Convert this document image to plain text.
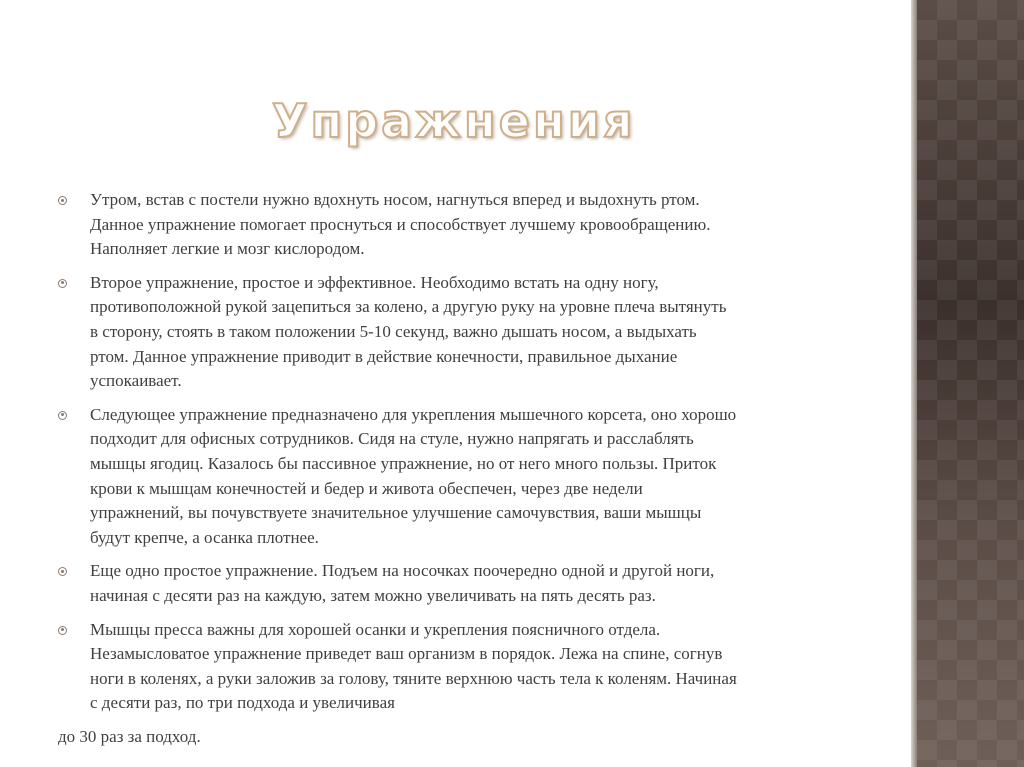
Упражнения
Утром, встав с постели нужно вдохнуть носом, нагнуться вперед и выдохнуть ртом.
Данное упражнение помогает проснуться и способствует лучшему кровообращению.
Наполняет легкие и мозг кислородом.
Второе упражнение, простое и эффективное. Необходимо встать на одну ногу,
противоположной рукой зацепиться за колено, а другую руку на уровне плеча вытянуть
в сторону, стоять в таком положении 5-10 секунд, важно дышать носом, а выдыхать
ртом. Данное упражнение приводит в действие конечности, правильное дыхание
успокаивает.
Следующее упражнение предназначено для укрепления мышечного корсета, оно хорошо
подходит для офисных сотрудников. Сидя на стуле, нужно напрягать и расслаблять
мышцы ягодиц. Казалось бы пассивное упражнение, но от него много пользы. Приток
крови к мышцам конечностей и бедер и живота обеспечен, через две недели
упражнений, вы почувствуете значительное улучшение самочувствия, ваши мышцы
будут крепче, а осанка плотнее.
Еще одно простое упражнение. Подъем на носочках поочередно одной и другой ноги,
начиная с десяти раз на каждую, затем можно увеличивать на пять десять раз.
Мышцы пресса важны для хорошей осанки и укрепления поясничного отдела.
Незамысловатое упражнение приведет ваш организм в порядок. Лежа на спине, согнув
ноги в коленях, а руки заложив за голову, тяните верхнюю часть тела к коленям. Начиная
с десяти раз, по три подхода и увеличивая

до 30 раз за подход.
